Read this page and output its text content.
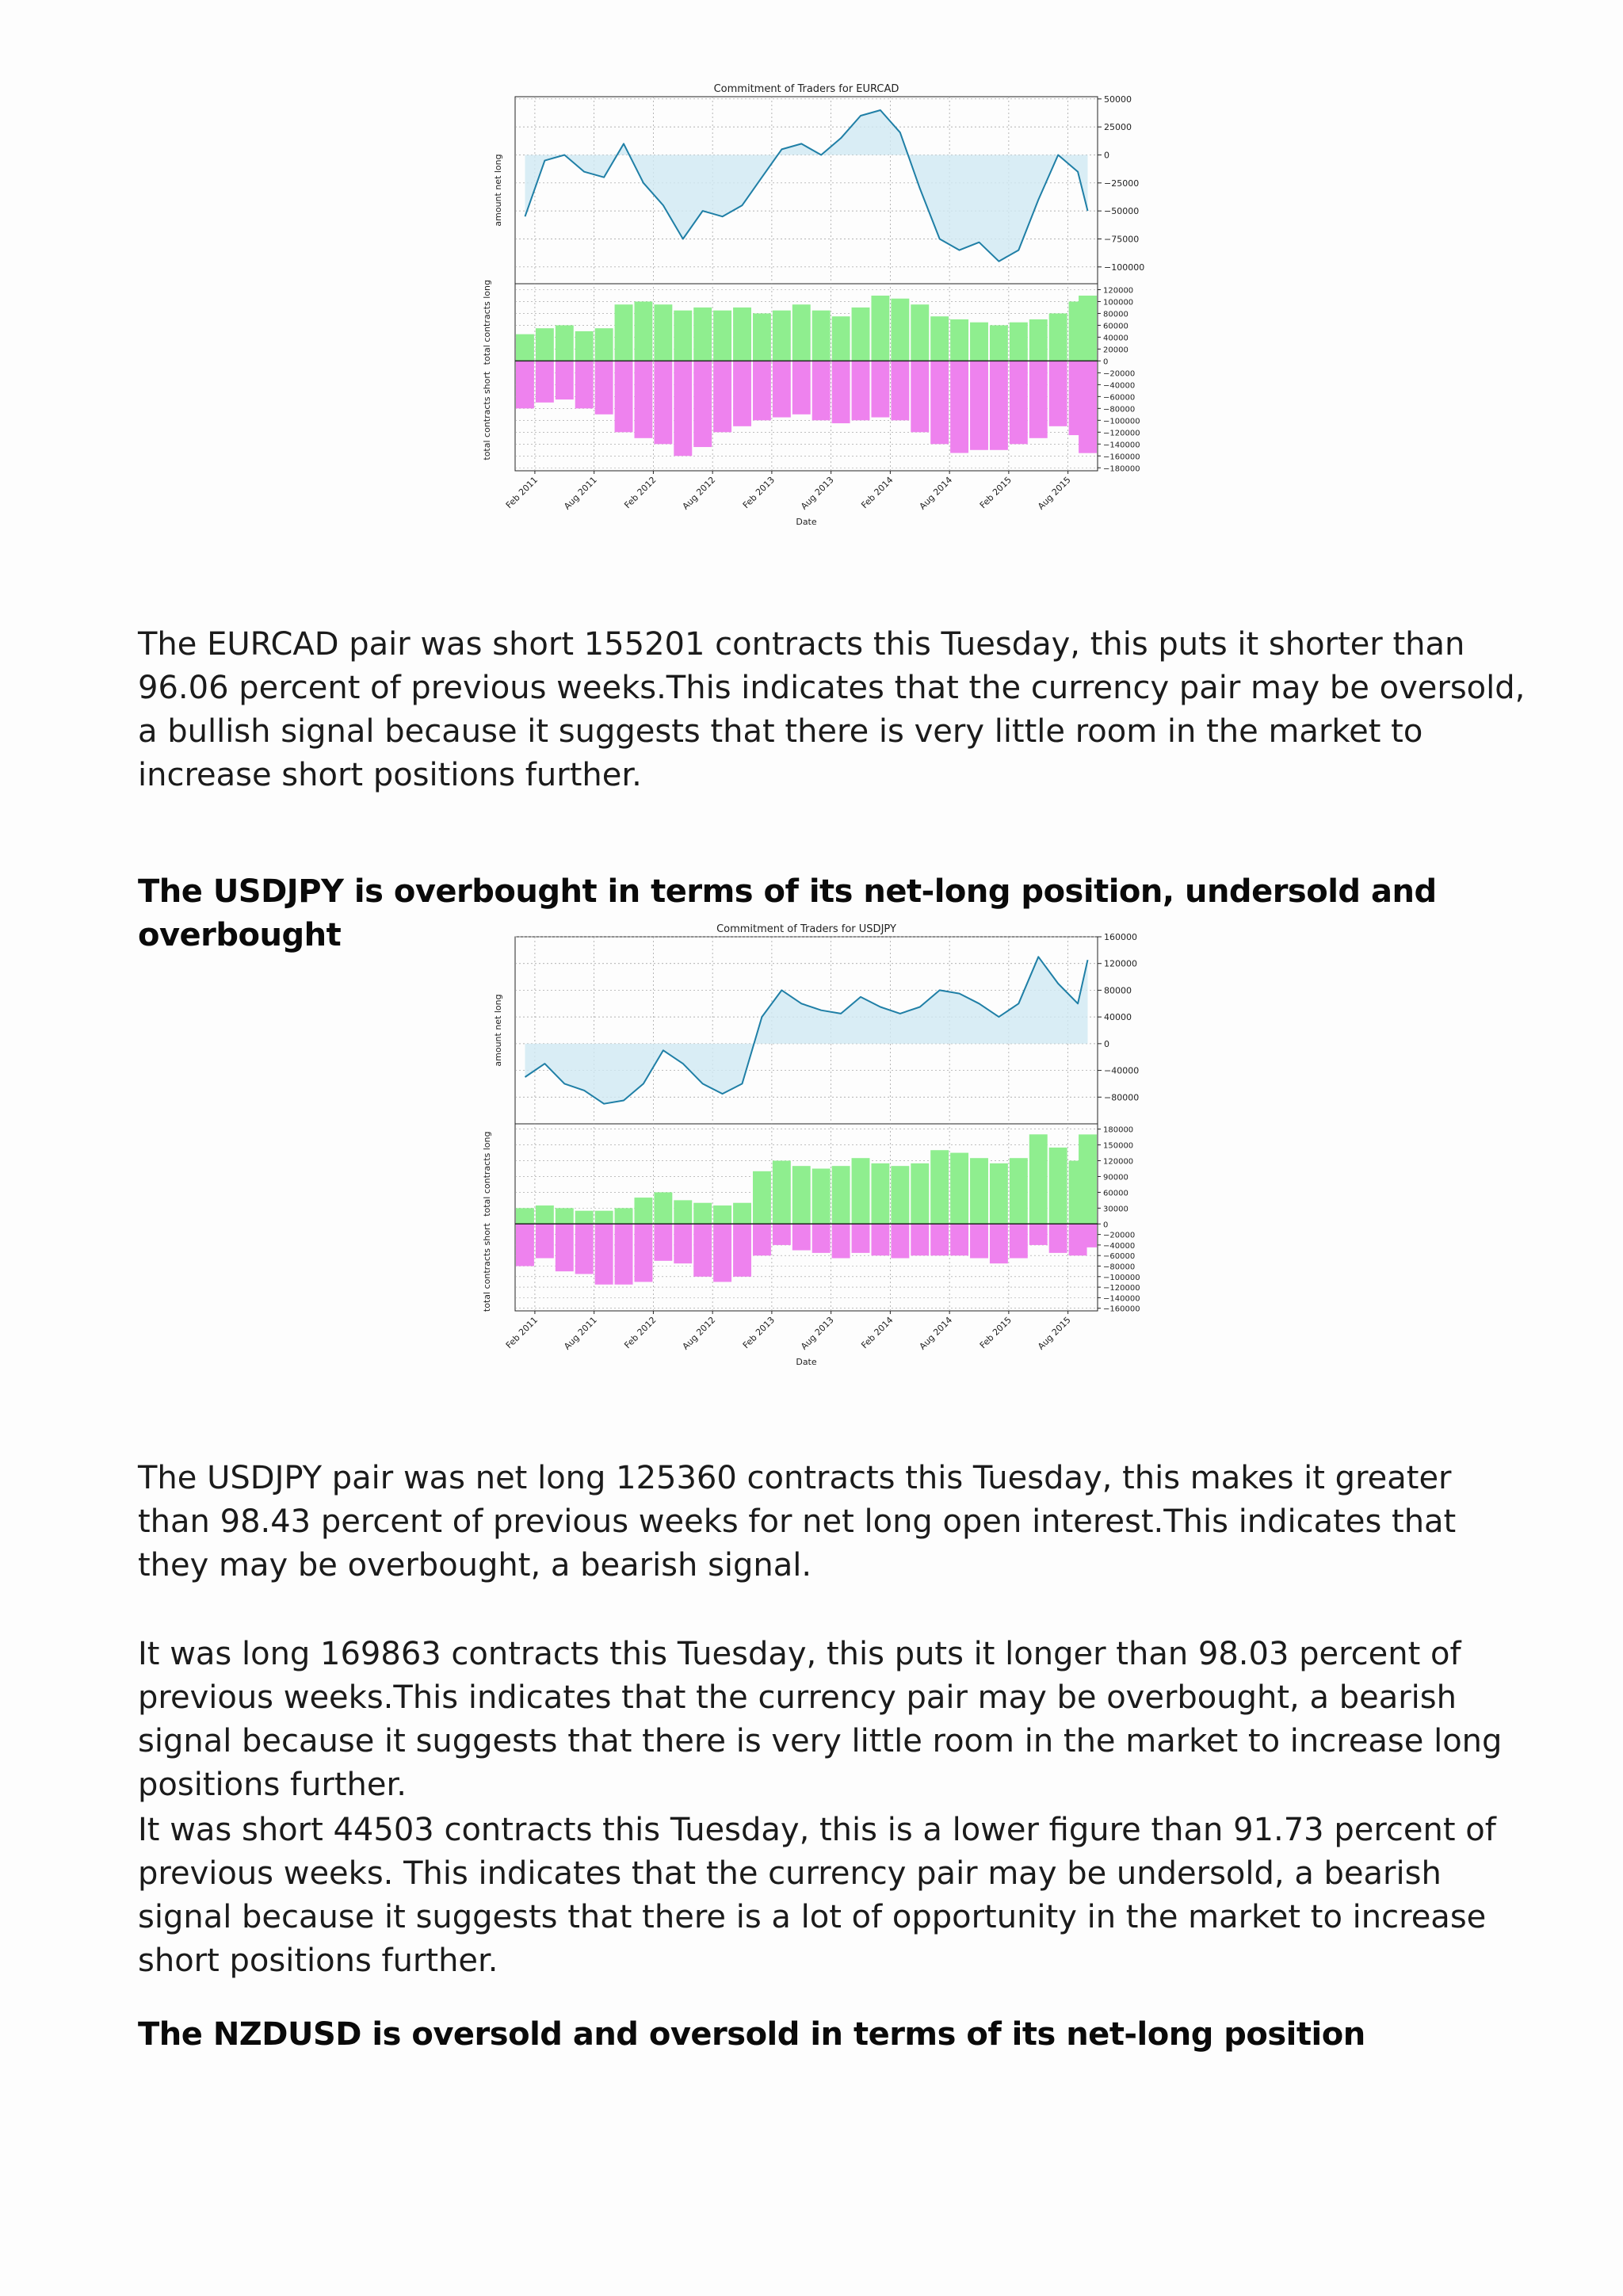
Commitment of Traders for EURCAD
50000
25000
0
−25000
−50000
−75000
−100000
120000
100000
80000
60000
40000
20000
0
−20000
−40000
−60000
−80000
−100000
−120000
−140000
−160000
−180000
amount net long
total contracts long
total contracts short
Feb 2011	Aug 2011	Feb 2012	Aug 2012	Feb 2013	Aug 2013	Feb 2014	Aug 2014	Feb 2015	Aug 2015
Date

The EURCAD pair was short 155201 contracts this Tuesday, this puts it shorter than 96.06 percent of previous weeks.This indicates that the currency pair may be oversold, a bullish signal because it suggests that there is very little room in the market to increase short positions further.

The USDJPY is overbought in terms of its net-long position, undersold and overbought	Commitment of Traders for USDJPY
160000
120000
80000
40000
0
−40000
−80000
180000
150000
120000
90000
60000
30000
0
−20000
−40000
−60000
−80000
−100000
−120000
−140000
−160000
amount net long
total contracts long
total contracts short
Feb 2011	Aug 2011	Feb 2012	Aug 2012	Feb 2013	Aug 2013	Feb 2014	Aug 2014	Feb 2015	Aug 2015
Date

The USDJPY pair was net long 125360 contracts this Tuesday, this makes it greater than 98.43 percent of previous weeks for net long open interest.This indicates that they may be overbought, a bearish signal.

It was long 169863 contracts this Tuesday, this puts it longer than 98.03 percent of previous weeks.This indicates that the currency pair may be overbought, a bearish signal because it suggests that there is very little room in the market to increase long positions further.

It was short 44503 contracts this Tuesday, this is a lower figure than 91.73 percent of previous weeks. This indicates that the currency pair may be undersold, a bearish signal because it suggests that there is a lot of opportunity in the market to increase short positions further.

The NZDUSD is oversold and oversold in terms of its net-long position
